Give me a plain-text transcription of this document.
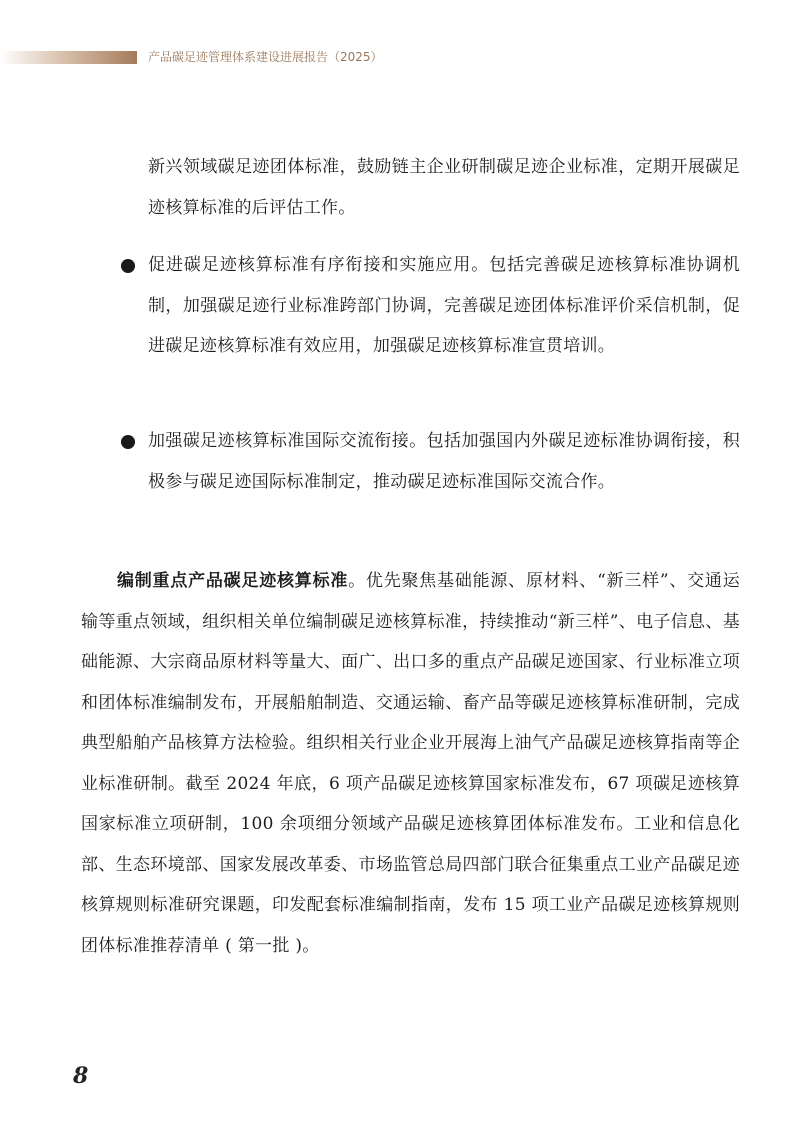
产品碳足迹管理体系建设进展报告（2025）
新兴领域碳足迹团体标准，鼓励链主企业研制碳足迹企业标准，定期开展碳足迹核算标准的后评估工作。
促进碳足迹核算标准有序衔接和实施应用。包括完善碳足迹核算标准协调机制，加强碳足迹行业标准跨部门协调，完善碳足迹团体标准评价采信机制，促进碳足迹核算标准有效应用，加强碳足迹核算标准宣贯培训。
加强碳足迹核算标准国际交流衔接。包括加强国内外碳足迹标准协调衔接，积极参与碳足迹国际标准制定，推动碳足迹标准国际交流合作。
编制重点产品碳足迹核算标准。优先聚焦基础能源、原材料、“新三样”、交通运输等重点领域，组织相关单位编制碳足迹核算标准，持续推动“新三样”、电子信息、基础能源、大宗商品原材料等量大、面广、出口多的重点产品碳足迹国家、行业标准立项和团体标准编制发布，开展船舶制造、交通运输、畜产品等碳足迹核算标准研制，完成典型船舶产品核算方法检验。组织相关行业企业开展海上油气产品碳足迹核算指南等企业标准研制。截至 2024 年底，6 项产品碳足迹核算国家标准发布，67 项碳足迹核算国家标准立项研制，100 余项细分领域产品碳足迹核算团体标准发布。工业和信息化部、生态环境部、国家发展改革委、市场监管总局四部门联合征集重点工业产品碳足迹核算规则标准研究课题，印发配套标准编制指南，发布 15 项工业产品碳足迹核算规则团体标准推荐清单 ( 第一批 )。
8
